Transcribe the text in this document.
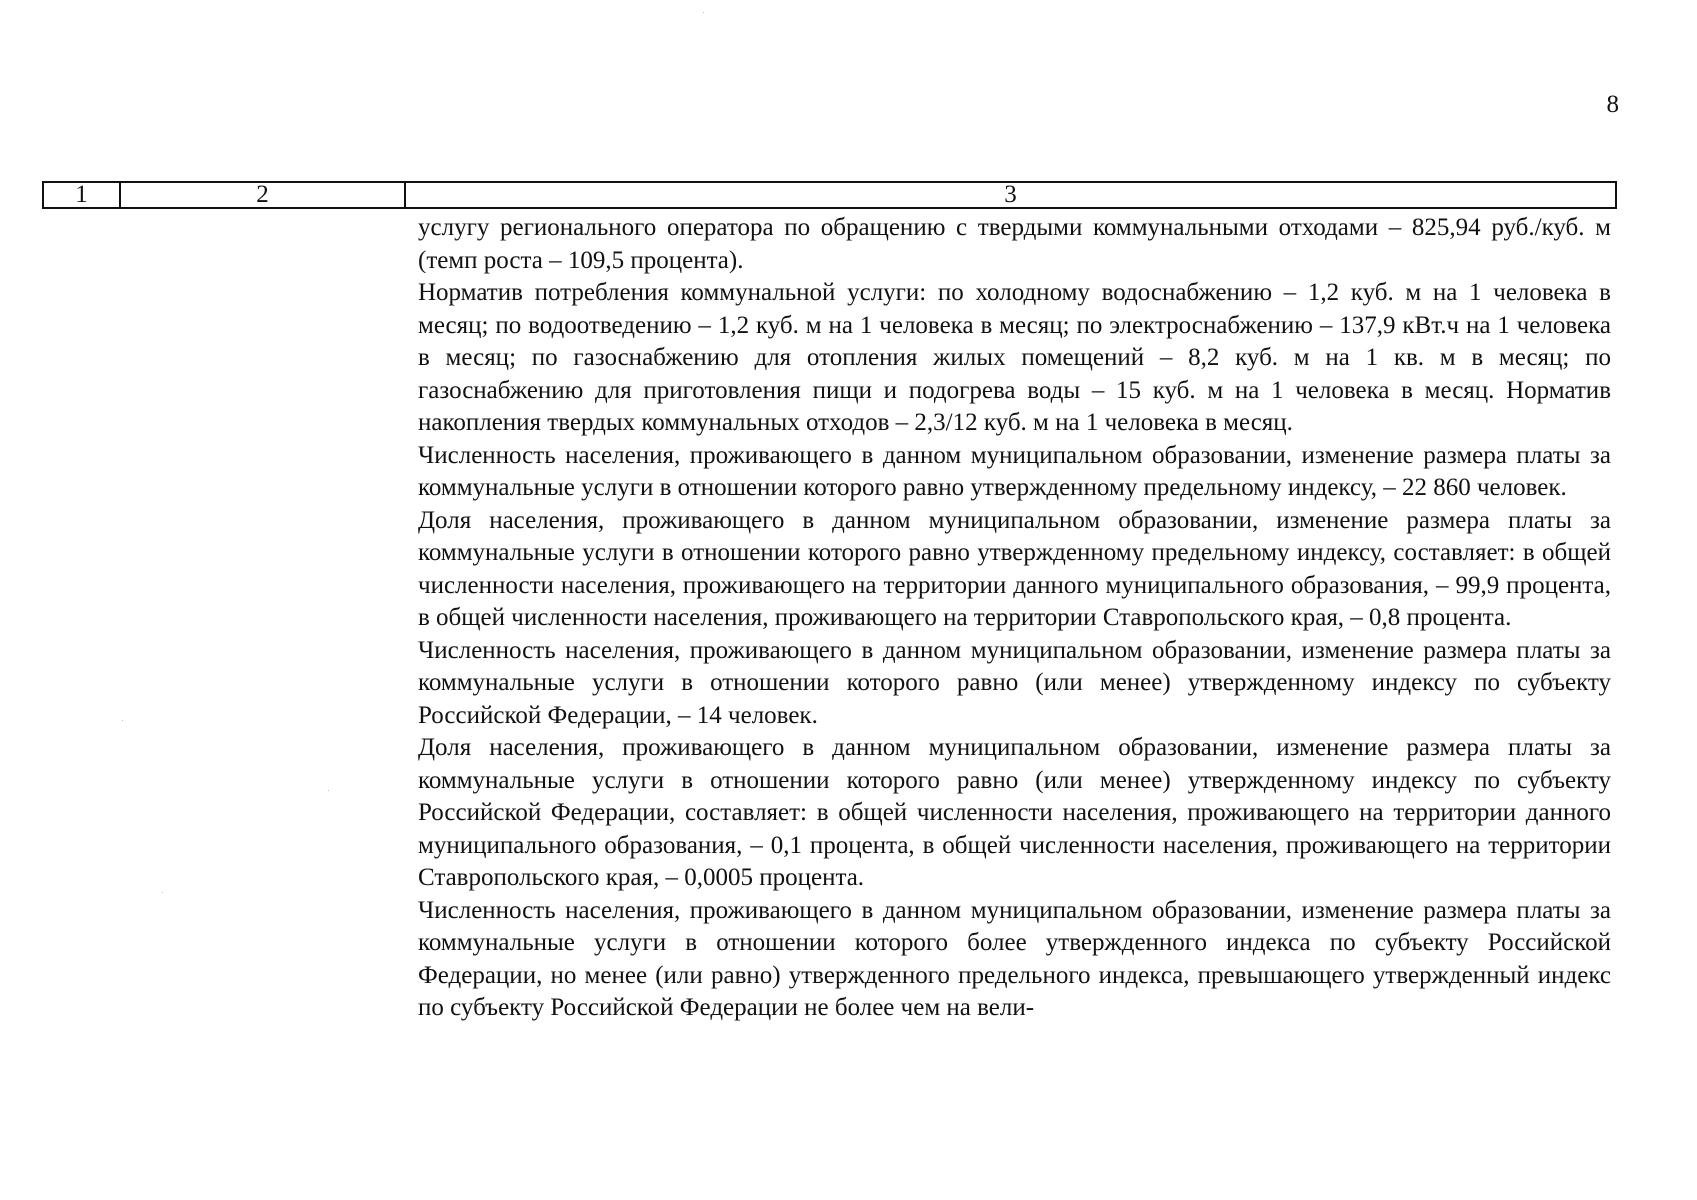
8
1	2	3

услугу регионального оператора по обращению с твердыми коммунальными отходами – 825,94 руб./куб. м (темп роста – 109,5 процента).

Норматив потребления коммунальной услуги: по холодному водоснабжению – 1,2 куб. м на 1 человека в месяц; по водоотведению – 1,2 куб. м на 1 человека в месяц; по электроснабжению – 137,9 кВт.ч на 1 человека в месяц; по газоснабжению для отопления жилых помещений – 8,2 куб. м на 1 кв. м в месяц; по газоснабжению для приготовления пищи и подогрева воды – 15 куб. м на 1 человека в месяц. Норматив накопления твердых коммунальных отходов – 2,3/12 куб. м на 1 человека в месяц.

Численность населения, проживающего в данном муниципальном образовании, изменение размера платы за коммунальные услуги в отношении которого равно утвержденному предельному индексу, – 22 860 человек.

Доля населения, проживающего в данном муниципальном образовании, изменение размера платы за коммунальные услуги в отношении которого равно утвержденному предельному индексу, составляет: в общей численности населения, проживающего на территории данного муниципального образования, – 99,9 процента, в общей численности населения, проживающего на территории Ставропольского края, – 0,8 процента.

Численность населения, проживающего в данном муниципальном образовании, изменение размера платы за коммунальные услуги в отношении которого равно (или менее) утвержденному индексу по субъекту Российской Федерации, – 14 человек.

Доля населения, проживающего в данном муниципальном образовании, изменение размера платы за коммунальные услуги в отношении которого равно (или менее) утвержденному индексу по субъекту Российской Федерации, составляет: в общей численности населения, проживающего на территории данного муниципального образования, – 0,1 процента, в общей численности населения, проживающего на территории Ставропольского края, – 0,0005 процента.

Численность населения, проживающего в данном муниципальном образовании, изменение размера платы за коммунальные услуги в отношении которого более утвержденного индекса по субъекту Российской Федерации, но менее (или равно) утвержденного предельного индекса, превышающего утвержденный индекс по субъекту Российской Федерации не более чем на вели-
